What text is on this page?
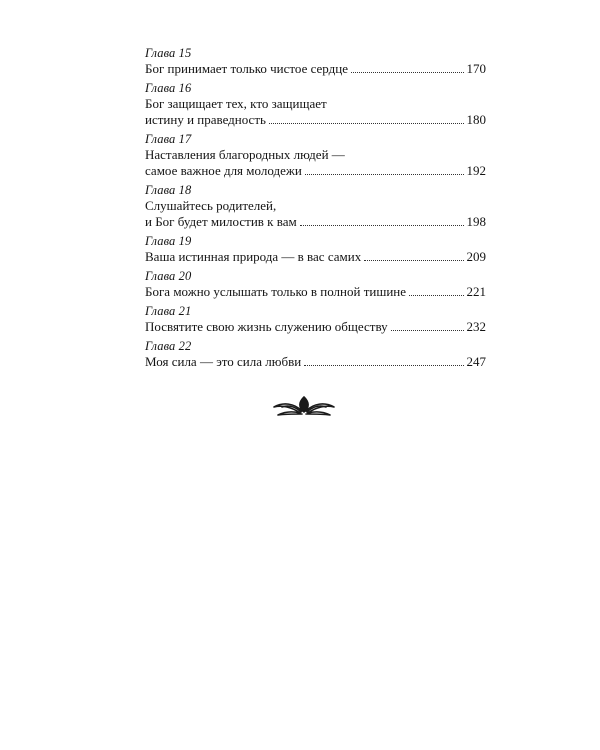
Глава 15
Бог принимает только чистое сердце	170
Глава 16
Бог защищает тех, кто защищает
истину и праведность	180
Глава 17
Наставления благородных людей —
самое важное для молодежи	192
Глава 18
Слушайтесь родителей,
и Бог будет милостив к вам	198
Глава 19
Ваша истинная природа — в вас самих	209
Глава 20
Бога можно услышать только в полной тишине	221
Глава 21
Посвятите свою жизнь служению обществу	232
Глава 22
Моя сила — это сила любви	247
